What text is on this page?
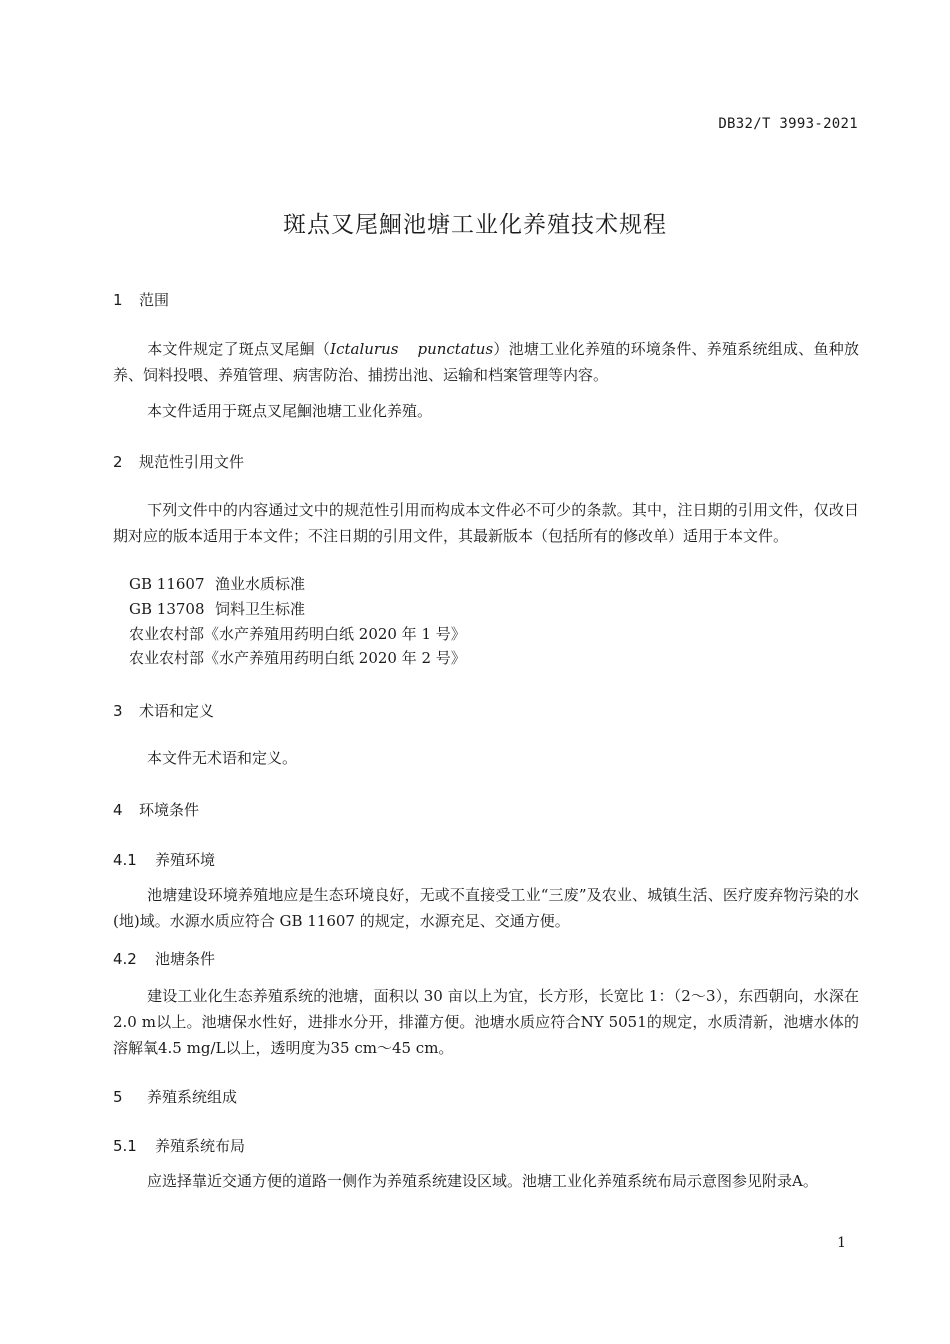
DB32/T 3993-2021
斑点叉尾鮰池塘工业化养殖技术规程
1 范围

本文件规定了斑点叉尾鮰（Ictalurus punctatus）池塘工业化养殖的环境条件、养殖系统组成、鱼种放养、饲料投喂、养殖管理、病害防治、捕捞出池、运输和档案管理等内容。

本文件适用于斑点叉尾鮰池塘工业化养殖。

2 规范性引用文件

下列文件中的内容通过文中的规范性引用而构成本文件必不可少的条款。其中，注日期的引用文件，仅改日期对应的版本适用于本文件；不注日期的引用文件，其最新版本（包括所有的修改单）适用于本文件。

GB 11607 渔业水质标准
GB 13708 饲料卫生标准
农业农村部《水产养殖用药明白纸 2020 年 1 号》
农业农村部《水产养殖用药明白纸 2020 年 2 号》
3 术语和定义

本文件无术语和定义。

4 环境条件
4.1 养殖环境

池塘建设环境养殖地应是生态环境良好，无或不直接受工业“三废”及农业、城镇生活、医疗废弃物污染的水 (地)域。水源水质应符合 GB 11607 的规定，水源充足、交通方便。

4.2 池塘条件

建设工业化生态养殖系统的池塘，面积以 30 亩以上为宜，长方形，长宽比 1：（2～3），东西朝向，水深在 2.0 m以上。池塘保水性好，进排水分开，排灌方便。池塘水质应符合NY 5051的规定，水质清新，池塘水体的溶解氧4.5 mg/L以上，透明度为35 cm～45 cm。

5 养殖系统组成
5.1 养殖系统布局

应选择靠近交通方便的道路一侧作为养殖系统建设区域。池塘工业化养殖系统布局示意图参见附录A。

1
